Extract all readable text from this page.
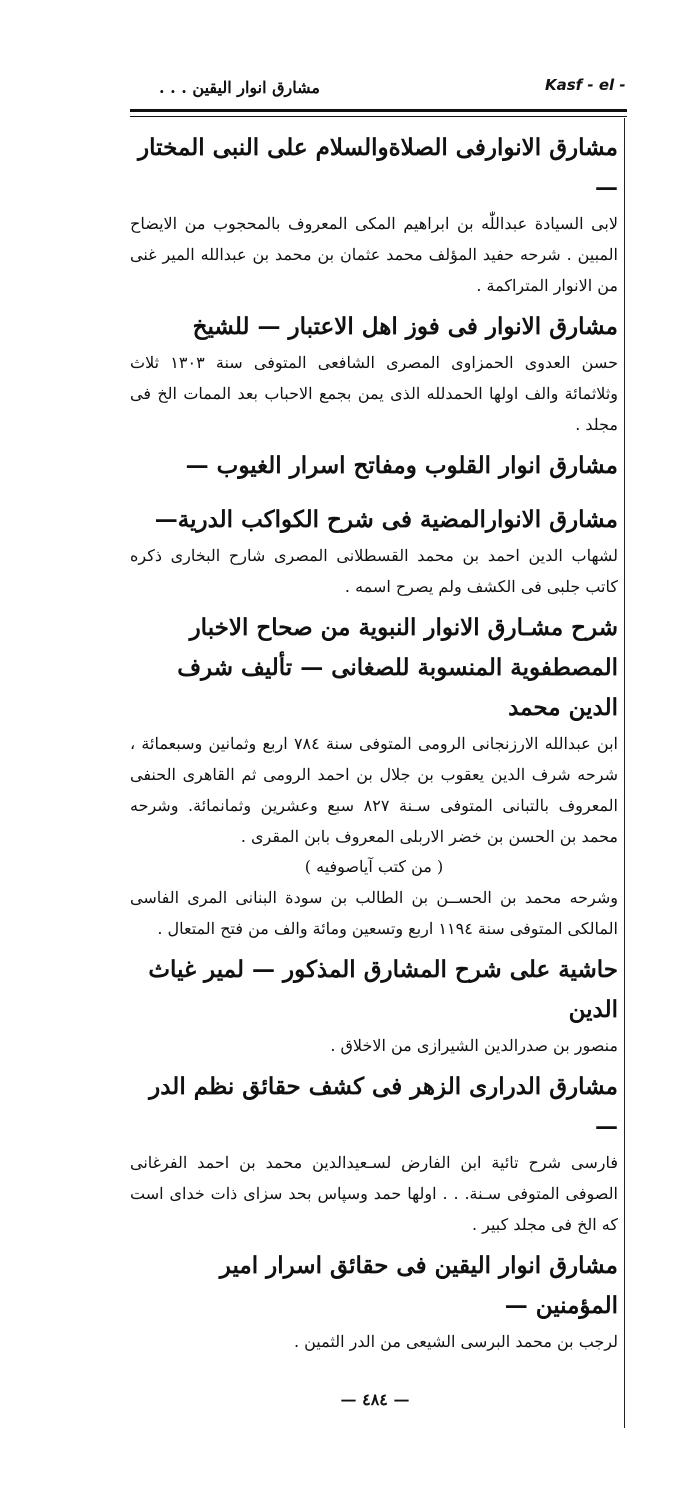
مشارق انوار اليقين . . .	Kasf - el -

مشارق الانوارفی الصلاةوالسلام علی النبی المختار—

لابی السيادة عبداللّٰه بن ابراهيم المكی المعروف بالمحجوب من الايضاح المبين . شرحه حفيد المؤلف محمد عثمان بن محمد بن عبدالله المير غنی من الانوار المتراكمة .

مشارق الانوار فی فوز اهل الاعتبار — للشيخ

حسن العدوی الحمزاوی المصری الشافعی المتوفی سنة ١٣٠٣ ثلاث وثلاثمائة والف اولها الحمدلله الذی يمن بجمع الاحباب بعد الممات الخ فی مجلد .

مشارق انوار القلوب ومفاتح اسرار الغيوب —

مشارق الانوارالمضية فی شرح الكواكب الدرية—

لشهاب الدين احمد بن محمد القسطلانی المصری شارح البخاری ذكره كاتب جلبی فی الكشف ولم يصرح اسمه .

شرح مشـارق الانوار النبوية من صحاح الاخبار المصطفوية المنسوبة للصغانی — تأليف شرف الدين محمد

ابن عبدالله الارزنجانی الرومی المتوفی سنة ٧٨٤ اربع وثمانين وسبعمائة ، شرحه شرف الدين يعقوب بن جلال بن احمد الرومی ثم القاهری الحنفی المعروف بالتبانی المتوفی سـنة ٨٢٧ سبع وعشرين وثمانمائة. وشرحه محمد بن الحسن بن خضر الاربلی المعروف بابن المقری .

( من كتب آياصوفيه )

وشرحه محمد بن الحســن بن الطالب بن سودة البنانی المری الفاسی المالكی المتوفی سنة ١١٩٤ اربع وتسعين ومائة والف من فتح المتعال .

حاشية علی شرح المشارق المذكور — لمير غياث الدين

منصور بن صدرالدين الشيرازی من الاخلاق .

مشارق الدراری الزهر فی كشف حقائق نظم الدر—

فارسی شرح تائية ابن الفارض لسـعيدالدين محمد بن احمد الفرغانی الصوفی المتوفی سـنة. . . اولها حمد وسپاس بحد سزای ذات خدای است كه الخ فی مجلد كبير .

مشارق انوار اليقين فی حقائق اسرار امير المؤمنين —

لرجب بن محمد البرسی الشيعی من الدر الثمين .

— ٤٨٤ —
